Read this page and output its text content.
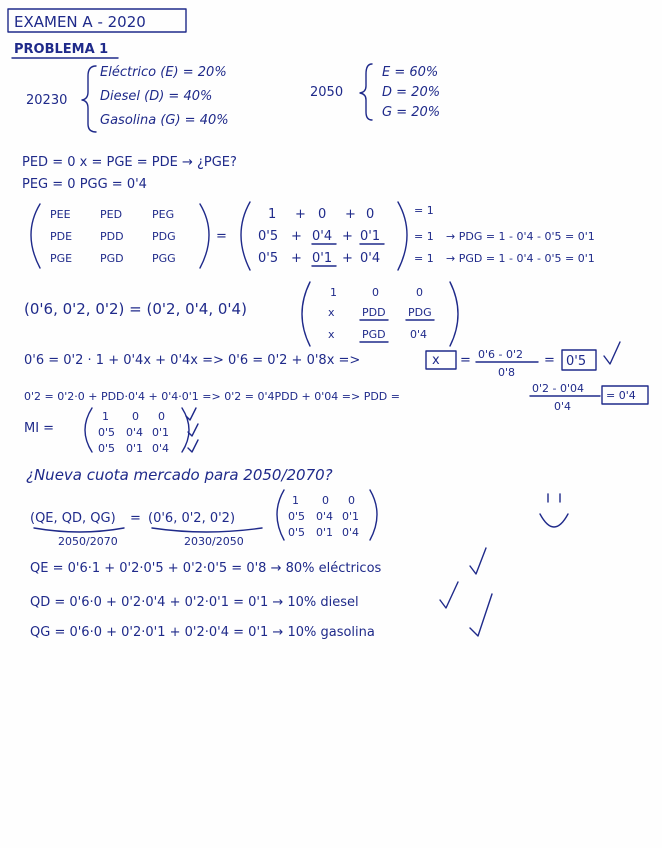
EXAMEN A - 2020
PROBLEMA 1
20230
Eléctrico (E) = 20%
Diesel (D) = 40%
Gasolina (G) = 40%
2050
E = 60%
D = 20%
G = 20%
PED = 0 x = PGE = PDE → ¿PGE?
PEG = 0 PGG = 0'4
PEE	PED	PEG
PDE	PDD	PDG
PGE	PGD	PGG
=
1 + 0 + 0
0'5 + 0'4 + 0'1
0'5 + 0'1 + 0'4
= 1
= 1
= 1
→ PDG = 1 - 0'4 - 0'5 = 0'1
→ PGD = 1 - 0'4 - 0'5 = 0'1
(0'6, 0'2, 0'2) = (0'2, 0'4, 0'4)
1	0	0
x PDD PDG
x PGD 0'4
0'6 = 0'2 · 1 + 0'4x + 0'4x => 0'6 = 0'2 + 0'8x =>	x = 0'6 - 0'2
0'8
= 0'5
0'2 = 0'2·0 + PDD·0'4 + 0'4·0'1 => 0'2 = 0'4PDD + 0'04 => PDD =
0'2 - 0'04
0'4
= 0'4
MI =
1 0 0
0'5 0'4 0'1
0'5 0'1 0'4
¿Nueva cuota mercado para 2050/2070?
(QE, QD, QG)
2050/2070
= (0'6, 0'2, 0'2)
2030/2050
1 0 0
0'5 0'4 0'1
0'5 0'1 0'4
QE = 0'6·1 + 0'2·0'5 + 0'2·0'5 = 0'8 → 80% eléctricos
QD = 0'6·0 + 0'2·0'4 + 0'2·0'1 = 0'1 → 10% diesel
QG = 0'6·0 + 0'2·0'1 + 0'2·0'4 = 0'1 → 10% gasolina
